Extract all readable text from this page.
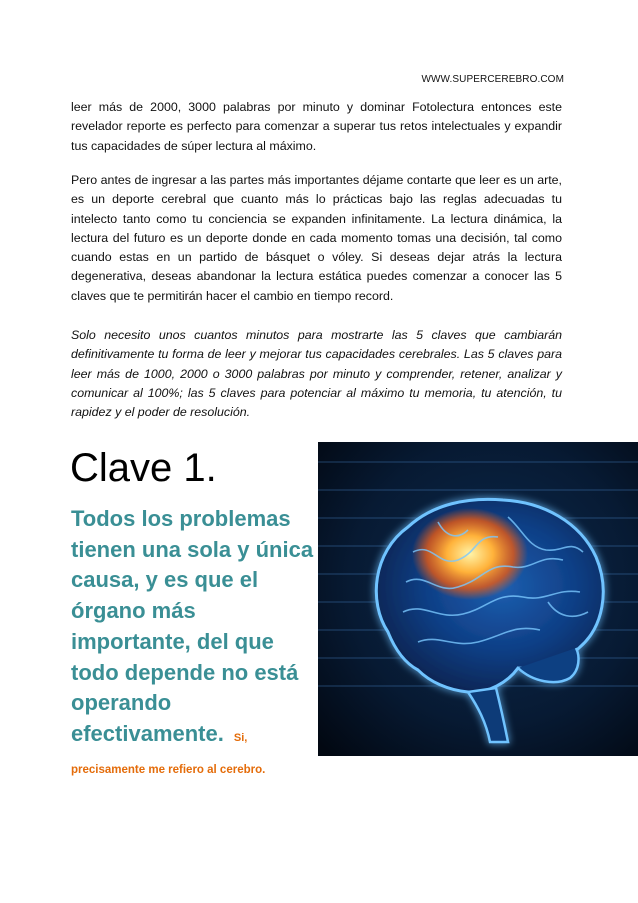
WWW.SUPERCEREBRO.COM

leer más de 2000, 3000 palabras por minuto y dominar Fotolectura entonces este revelador reporte es perfecto para comenzar a superar tus retos intelectuales y expandir tus capacidades de súper lectura al máximo.

Pero antes de ingresar a las partes más importantes déjame contarte que leer es un arte, es un deporte cerebral que cuanto más lo prácticas bajo las reglas adecuadas tu intelecto tanto como tu conciencia se expanden infinitamente. La lectura dinámica, la lectura del futuro es un deporte donde en cada momento tomas una decisión, tal como cuando estas en un partido de básquet o vóley. Si deseas dejar atrás la lectura degenerativa, deseas abandonar la lectura estática puedes comenzar a conocer las 5 claves que te permitirán hacer el cambio en tiempo record.

Solo necesito unos cuantos minutos para mostrarte las 5 claves que cambiarán definitivamente tu forma de leer y mejorar tus capacidades cerebrales. Las 5 claves para leer más de 1000, 2000 o 3000 palabras por minuto y comprender, retener, analizar y comunicar al 100%; las 5 claves para potenciar al máximo tu memoria, tu atención, tu rapidez y el poder de resolución.

Clave 1.

Todos los problemas tienen una sola y única causa, y es que el órgano más importante, del que todo depende no está operando efectivamente. Si,

precisamente me refiero al cerebro.
